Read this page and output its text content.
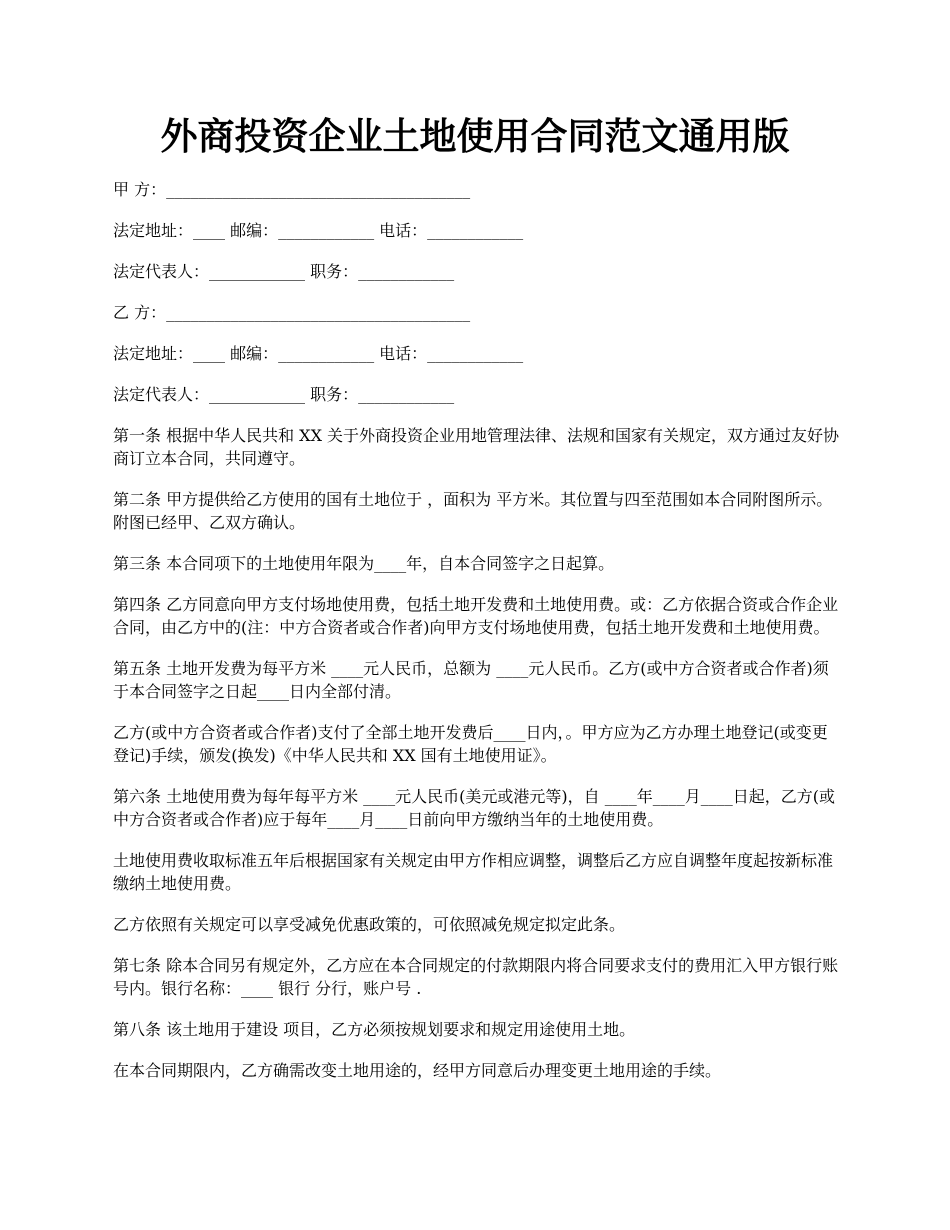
外商投资企业土地使用合同范文通用版
甲 方：______________________________________
法定地址：____ 邮编：____________ 电话：____________
法定代表人：____________ 职务：____________
乙 方：______________________________________
法定地址：____ 邮编：____________ 电话：____________
法定代表人：____________ 职务：____________

第一条 根据中华人民共和 XX 关于外商投资企业用地管理法律、法规和国家有关规定，双方通过友好协商订立本合同，共同遵守。

第二条 甲方提供给乙方使用的国有土地位于 ，面积为 平方米。其位置与四至范围如本合同附图所示。附图已经甲、乙双方确认。

第三条 本合同项下的土地使用年限为____年，自本合同签字之日起算。

第四条 乙方同意向甲方支付场地使用费，包括土地开发费和土地使用费。或：乙方依据合资或合作企业合同，由乙方中的(注：中方合资者或合作者)向甲方支付场地使用费，包括土地开发费和土地使用费。

第五条 土地开发费为每平方米 ____元人民币，总额为 ____元人民币。乙方(或中方合资者或合作者)须于本合同签字之日起____日内全部付清。

乙方(或中方合资者或合作者)支付了全部土地开发费后____日内，。甲方应为乙方办理土地登记(或变更登记)手续，颁发(换发)《中华人民共和 XX 国有土地使用证》。

第六条 土地使用费为每年每平方米 ____元人民币(美元或港元等)，自 ____年____月____日起，乙方(或中方合资者或合作者)应于每年____月____日前向甲方缴纳当年的土地使用费。

土地使用费收取标准五年后根据国家有关规定由甲方作相应调整，调整后乙方应自调整年度起按新标准缴纳土地使用费。

乙方依照有关规定可以享受减免优惠政策的，可依照减免规定拟定此条。

第七条 除本合同另有规定外，乙方应在本合同规定的付款期限内将合同要求支付的费用汇入甲方银行账号内。银行名称：____ 银行 分行，账户号 .

第八条 该土地用于建设 项目，乙方必须按规划要求和规定用途使用土地。

在本合同期限内，乙方确需改变土地用途的，经甲方同意后办理变更土地用途的手续。
